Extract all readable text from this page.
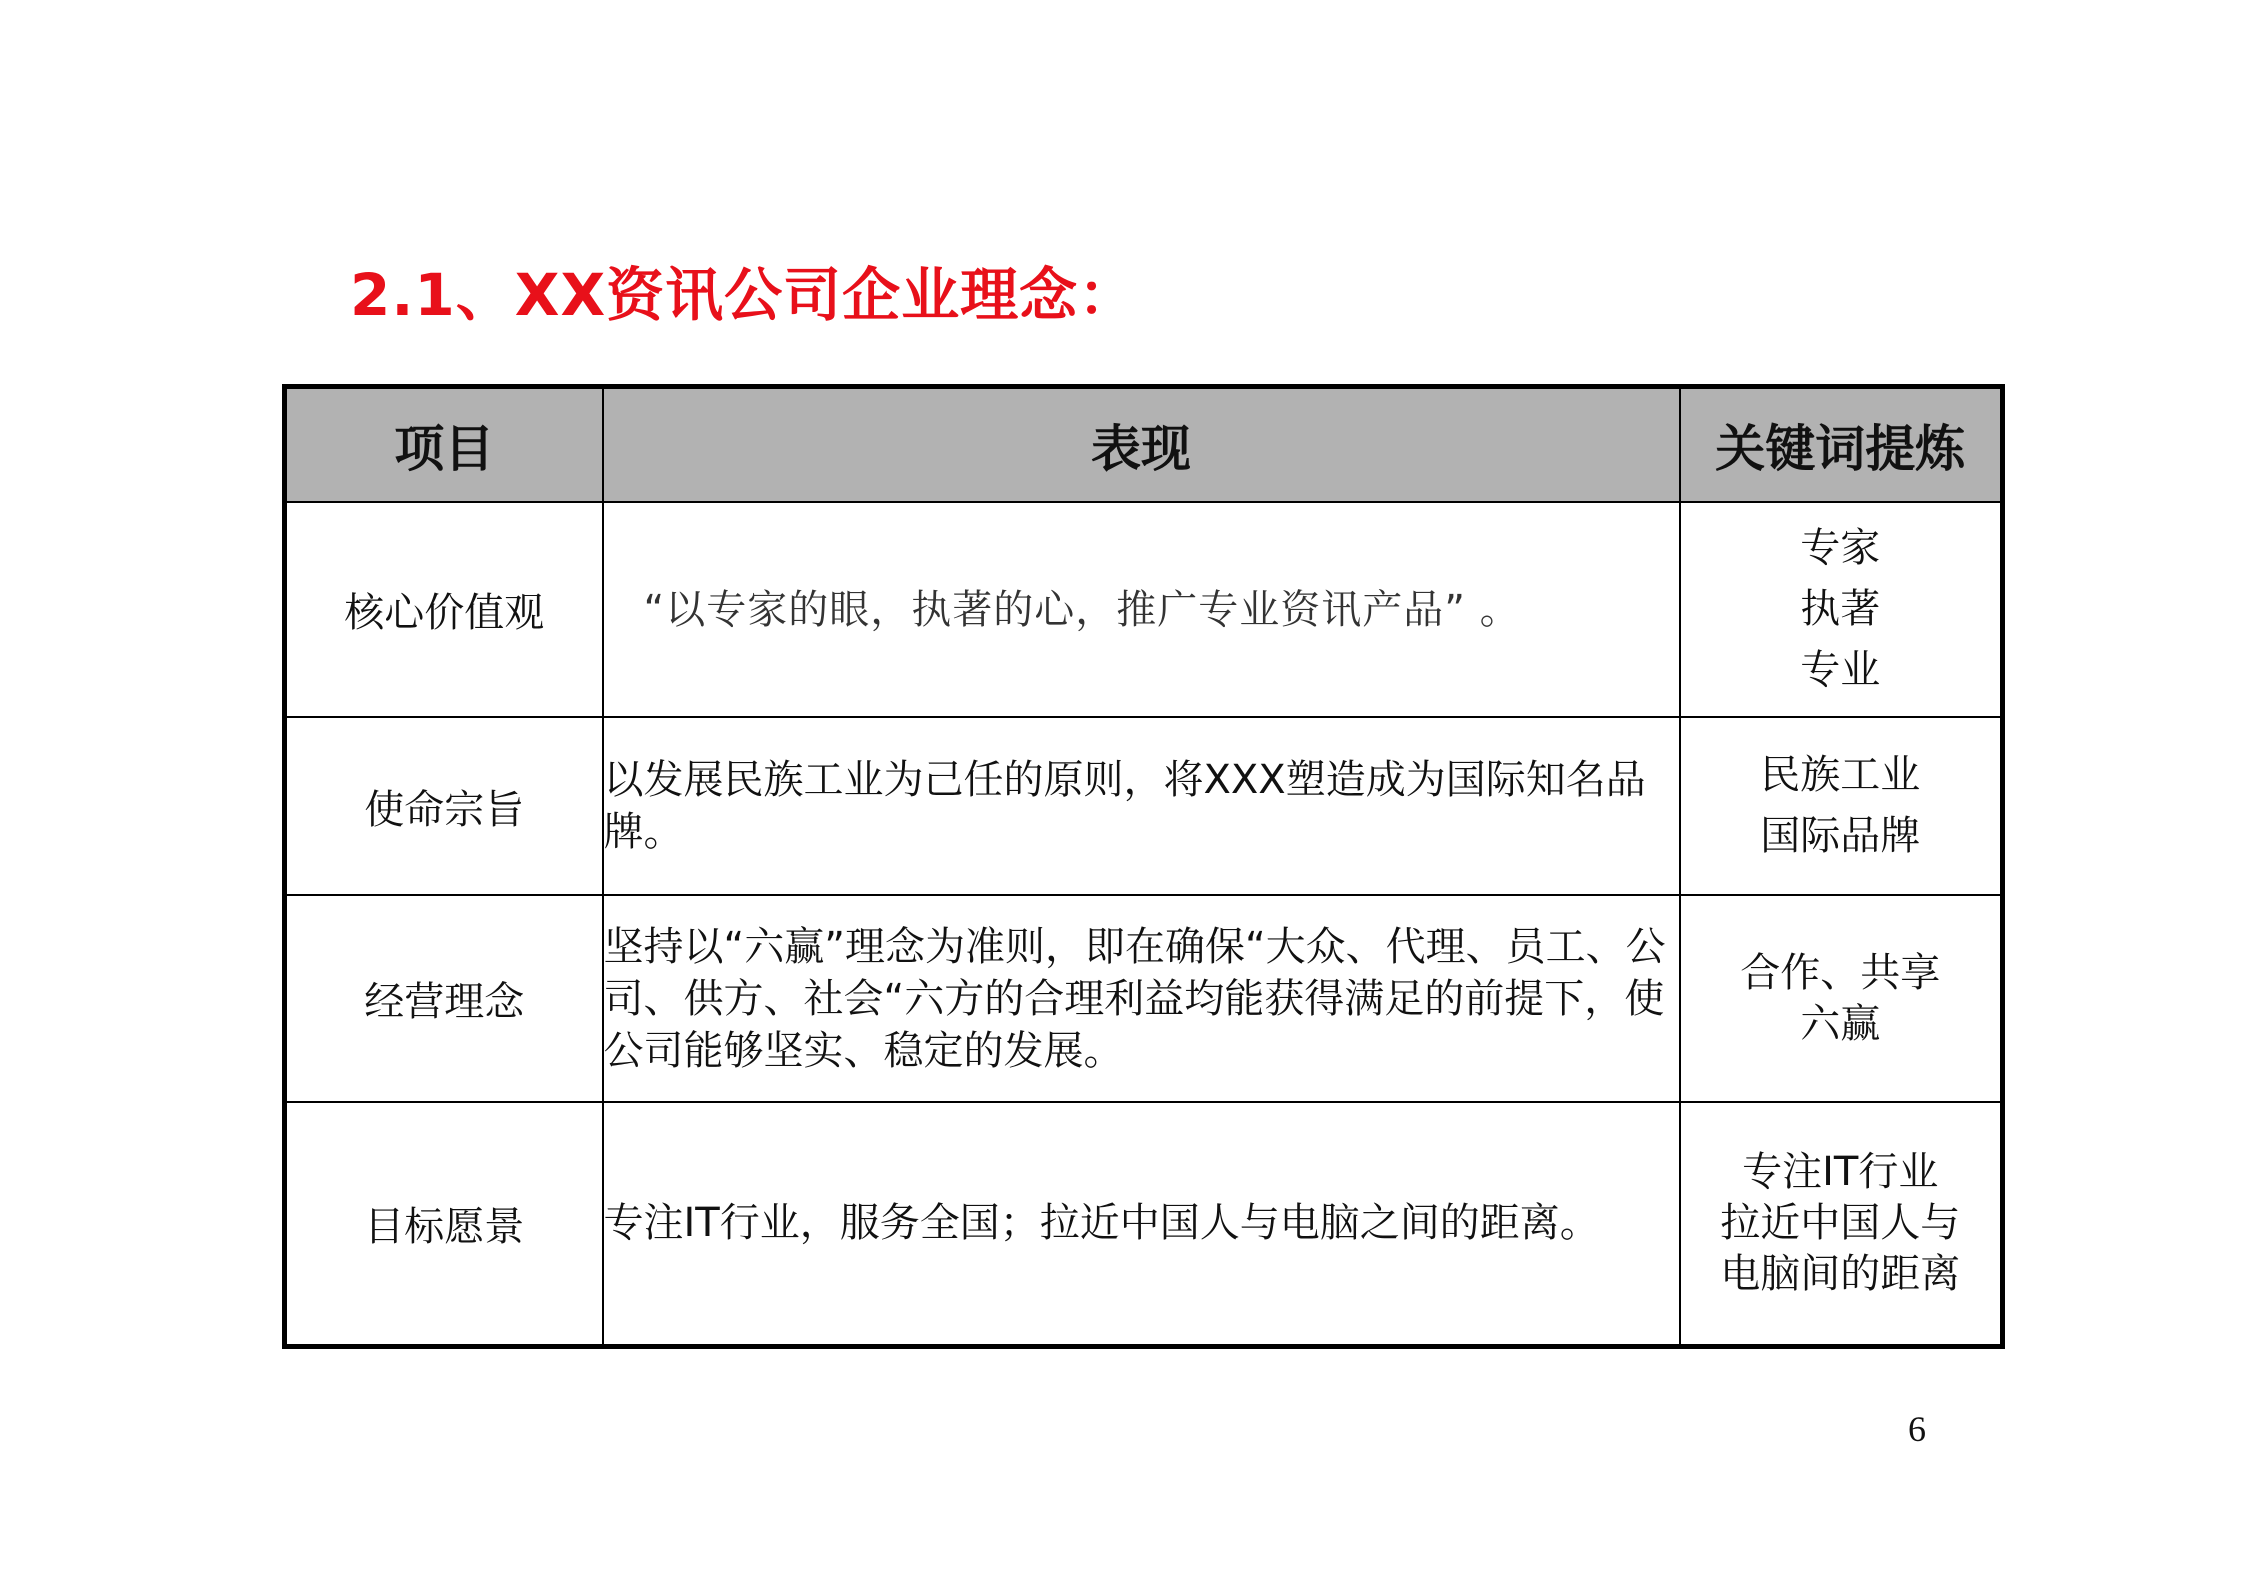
2.1、XX资讯公司企业理念：
项目	表现	关键词提炼
核心价值观	“以专家的眼，执著的心，推广专业资讯产品” 。	专家
执著
专业

使命宗旨	以发展民族工业为己任的原则，将XXX塑造成为国际知名品牌。	民族工业
国际品牌

经营理念	坚持以“六赢”理念为准则，即在确保“大众、代理、员工、公司、供方、社会“六方的合理利益均能获得满足的前提下，使公司能够坚实、稳定的发展。	合作、共享
六赢

目标愿景	专注IT行业，服务全国；拉近中国人与电脑之间的距离。	专注IT行业
拉近中国人与
电脑间的距离
6
